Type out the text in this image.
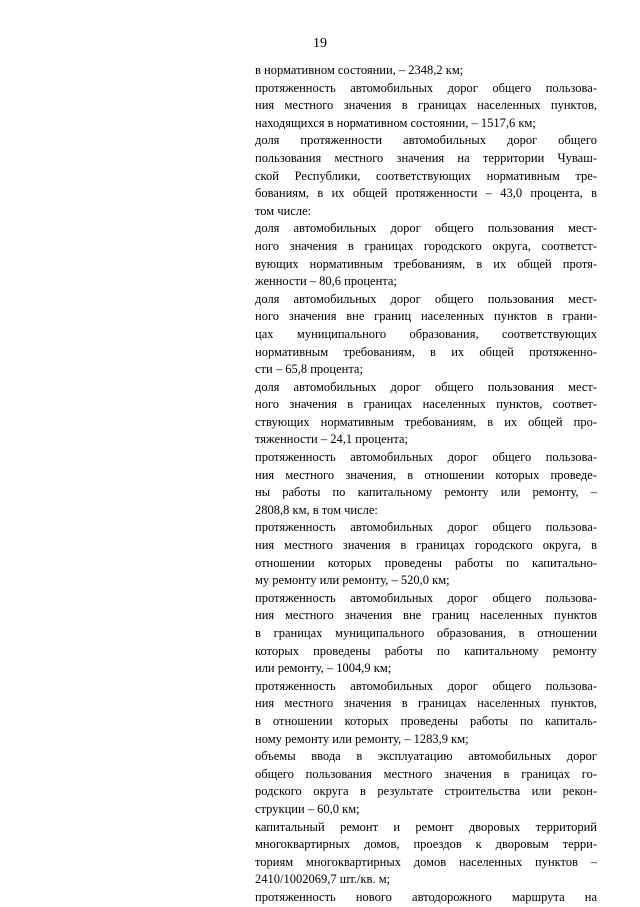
19
в нормативном состоянии, – 2348,2 км;
протяженность автомобильных дорог общего пользова-
ния местного значения в границах населенных пунктов,
находящихся в нормативном состоянии, – 1517,6 км;
доля протяженности автомобильных дорог общего
пользования местного значения на территории Чуваш-
ской Республики, соответствующих нормативным тре-
бованиям, в их общей протяженности – 43,0 процента, в
том числе:
доля автомобильных дорог общего пользования мест-
ного значения в границах городского округа, соответст-
вующих нормативным требованиям, в их общей протя-
женности – 80,6 процента;
доля автомобильных дорог общего пользования мест-
ного значения вне границ населенных пунктов в грани-
цах муниципального образования, соответствующих
нормативным требованиям, в их общей протяженно-
сти – 65,8 процента;
доля автомобильных дорог общего пользования мест-
ного значения в границах населенных пунктов, соответ-
ствующих нормативным требованиям, в их общей про-
тяженности – 24,1 процента;
протяженность автомобильных дорог общего пользова-
ния местного значения, в отношении которых проведе-
ны работы по капитальному ремонту или ремонту, –
2808,8 км, в том числе:
протяженность автомобильных дорог общего пользова-
ния местного значения в границах городского округа, в
отношении которых проведены работы по капитально-
му ремонту или ремонту, – 520,0 км;
протяженность автомобильных дорог общего пользова-
ния местного значения вне границ населенных пунктов
в границах муниципального образования, в отношении
которых проведены работы по капитальному ремонту
или ремонту, – 1004,9 км;
протяженность автомобильных дорог общего пользова-
ния местного значения в границах населенных пунктов,
в отношении которых проведены работы по капиталь-
ному ремонту или ремонту, – 1283,9 км;
объемы ввода в эксплуатацию автомобильных дорог
общего пользования местного значения в границах го-
родского округа в результате строительства или рекон-
струкции – 60,0 км;
капитальный ремонт и ремонт дворовых территорий
многоквартирных домов, проездов к дворовым терри-
ториям многоквартирных домов населенных пунктов –
2410/1002069,7 шт./кв. м;
протяженность нового автодорожного маршрута на
